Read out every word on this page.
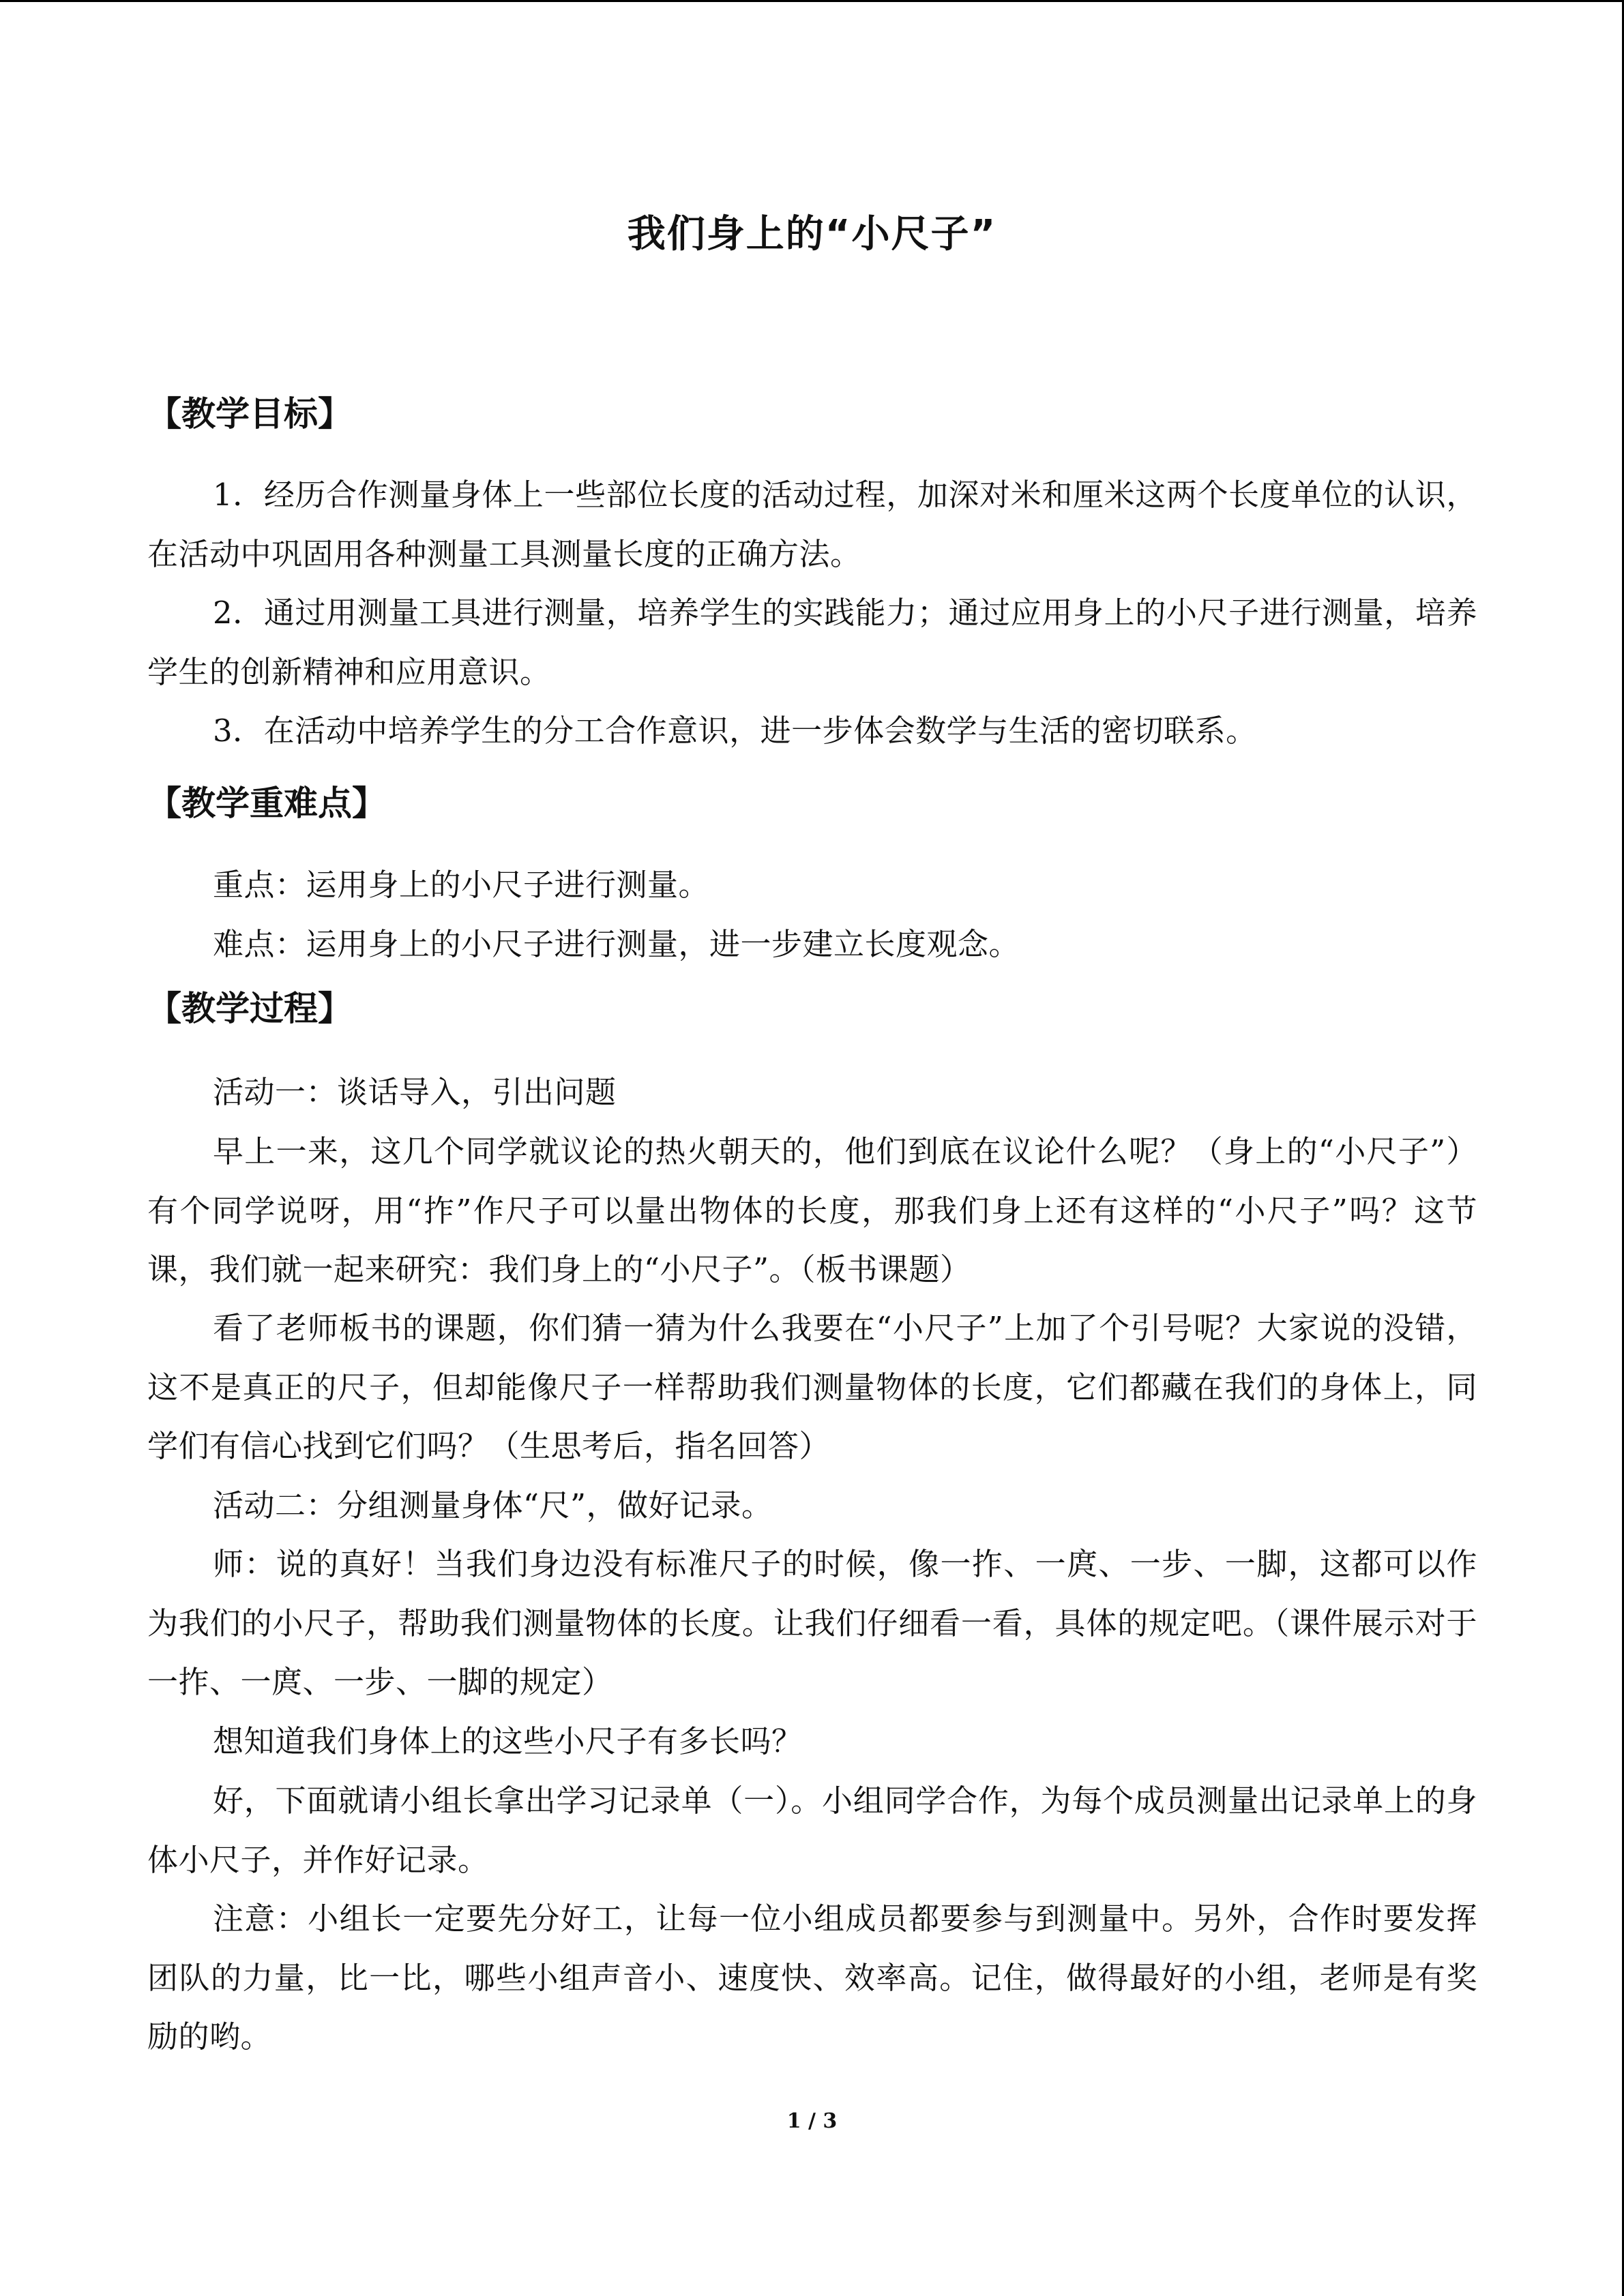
我们身上的“小尺子”
【教学目标】
1．经历合作测量身体上一些部位长度的活动过程，加深对米和厘米这两个长度单位的认识，在活动中巩固用各种测量工具测量长度的正确方法。
2．通过用测量工具进行测量，培养学生的实践能力；通过应用身上的小尺子进行测量，培养学生的创新精神和应用意识。
3．在活动中培养学生的分工合作意识，进一步体会数学与生活的密切联系。
【教学重难点】
重点：运用身上的小尺子进行测量。
难点：运用身上的小尺子进行测量，进一步建立长度观念。
【教学过程】
活动一：谈话导入，引出问题
早上一来，这几个同学就议论的热火朝天的，他们到底在议论什么呢？（身上的“小尺子”）有个同学说呀，用“拃”作尺子可以量出物体的长度，那我们身上还有这样的“小尺子”吗？这节课，我们就一起来研究：我们身上的“小尺子”。（板书课题）
看了老师板书的课题，你们猜一猜为什么我要在“小尺子”上加了个引号呢？大家说的没错，这不是真正的尺子，但却能像尺子一样帮助我们测量物体的长度，它们都藏在我们的身体上，同学们有信心找到它们吗？（生思考后，指名回答）
活动二：分组测量身体“尺”，做好记录。
师：说的真好！当我们身边没有标准尺子的时候，像一拃、一庹、一步、一脚，这都可以作为我们的小尺子，帮助我们测量物体的长度。让我们仔细看一看，具体的规定吧。（课件展示对于一拃、一庹、一步、一脚的规定）
想知道我们身体上的这些小尺子有多长吗？
好，下面就请小组长拿出学习记录单（一）。小组同学合作，为每个成员测量出记录单上的身体小尺子，并作好记录。
注意：小组长一定要先分好工，让每一位小组成员都要参与到测量中。另外，合作时要发挥团队的力量，比一比，哪些小组声音小、速度快、效率高。记住，做得最好的小组，老师是有奖励的哟。
1 / 3
